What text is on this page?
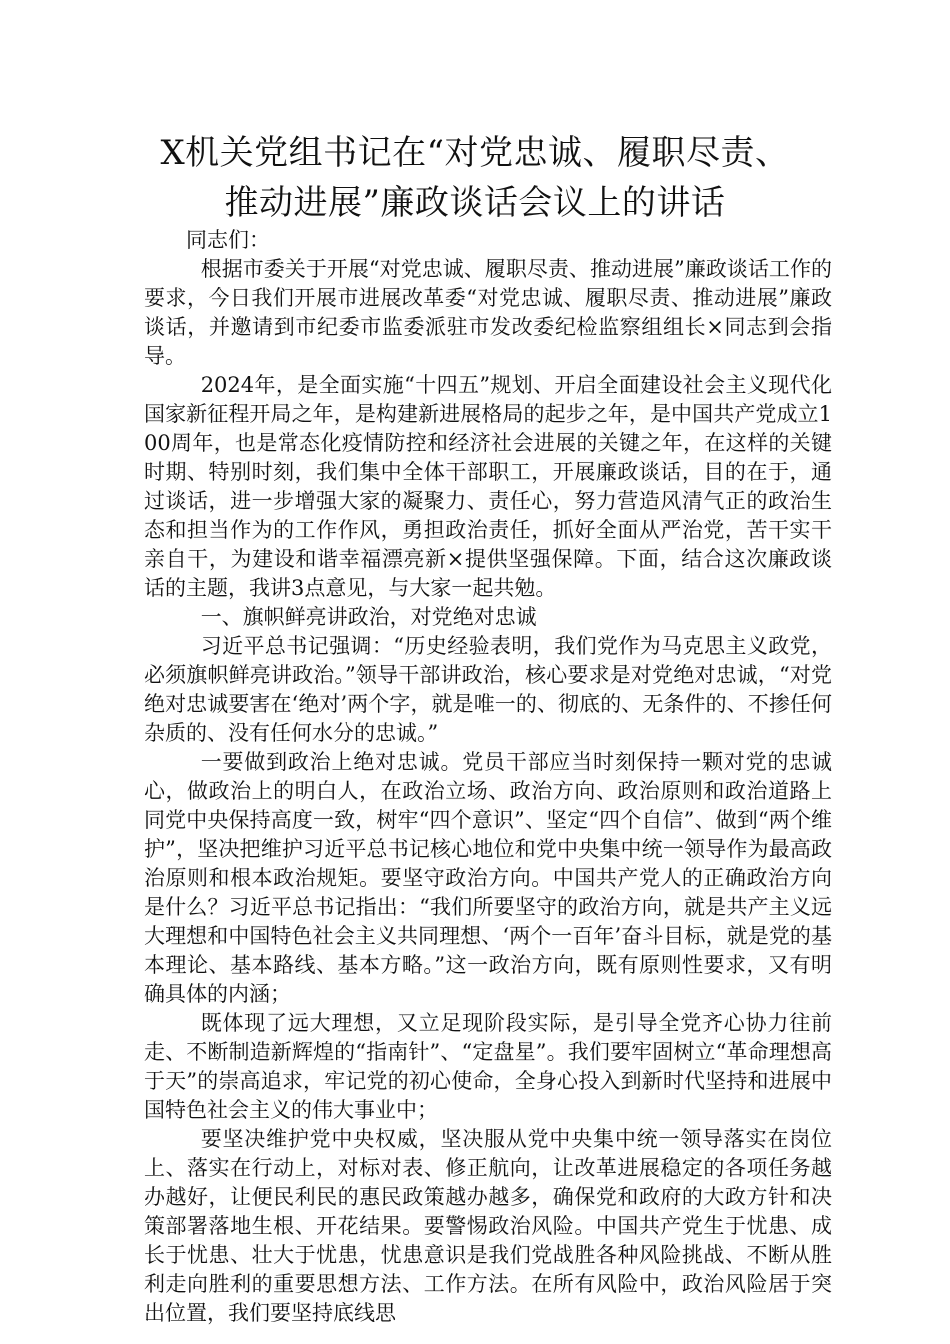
X机关党组书记在“对党忠诚、履职尽责、
推动进展”廉政谈话会议上的讲话

同志们：

根据市委关于开展“对党忠诚、履职尽责、推动进展”廉政谈话工作的要求，今日我们开展市进展改革委“对党忠诚、履职尽责、推动进展”廉政谈话，并邀请到市纪委市监委派驻市发改委纪检监察组组长×同志到会指导。

2024年，是全面实施“十四五”规划、开启全面建设社会主义现代化国家新征程开局之年，是构建新进展格局的起步之年，是中国共产党成立100周年，也是常态化疫情防控和经济社会进展的关键之年，在这样的关键时期、特别时刻，我们集中全体干部职工，开展廉政谈话，目的在于，通过谈话，进一步增强大家的凝聚力、责任心，努力营造风清气正的政治生态和担当作为的工作作风，勇担政治责任，抓好全面从严治党，苦干实干亲自干，为建设和谐幸福漂亮新×提供坚强保障。下面，结合这次廉政谈话的主题，我讲3点意见，与大家一起共勉。

一、旗帜鲜亮讲政治，对党绝对忠诚

习近平总书记强调：“历史经验表明，我们党作为马克思主义政党，必须旗帜鲜亮讲政治。”领导干部讲政治，核心要求是对党绝对忠诚，“对党绝对忠诚要害在‘绝对’两个字，就是唯一的、彻底的、无条件的、不掺任何杂质的、没有任何水分的忠诚。”

一要做到政治上绝对忠诚。党员干部应当时刻保持一颗对党的忠诚心，做政治上的明白人，在政治立场、政治方向、政治原则和政治道路上同党中央保持高度一致，树牢“四个意识”、坚定“四个自信”、做到“两个维护”，坚决把维护习近平总书记核心地位和党中央集中统一领导作为最高政治原则和根本政治规矩。要坚守政治方向。中国共产党人的正确政治方向是什么？习近平总书记指出：“我们所要坚守的政治方向，就是共产主义远大理想和中国特色社会主义共同理想、‘两个一百年’奋斗目标，就是党的基本理论、基本路线、基本方略。”这一政治方向，既有原则性要求，又有明确具体的内涵；

既体现了远大理想，又立足现阶段实际，是引导全党齐心协力往前走、不断制造新辉煌的“指南针”、“定盘星”。我们要牢固树立“革命理想高于天”的崇高追求，牢记党的初心使命，全身心投入到新时代坚持和进展中国特色社会主义的伟大事业中；

要坚决维护党中央权威，坚决服从党中央集中统一领导落实在岗位上、落实在行动上，对标对表、修正航向，让改革进展稳定的各项任务越办越好，让便民利民的惠民政策越办越多，确保党和政府的大政方针和决策部署落地生根、开花结果。要警惕政治风险。中国共产党生于忧患、成长于忧患、壮大于忧患，忧患意识是我们党战胜各种风险挑战、不断从胜利走向胜利的重要思想方法、工作方法。在所有风险中，政治风险居于突出位置，我们要坚持底线思
